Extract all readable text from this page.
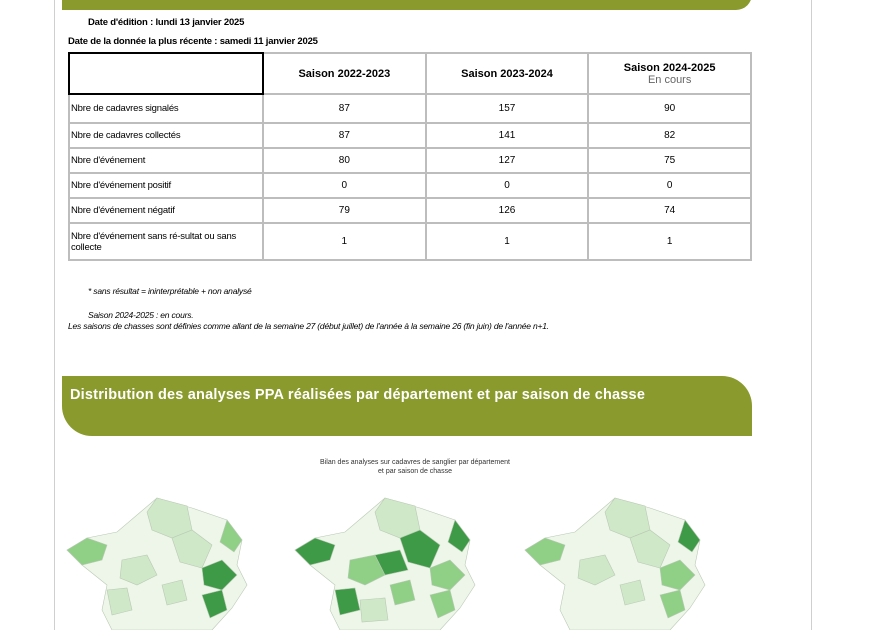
Date d'édition : lundi 13 janvier 2025
Date de la donnée la plus récente : samedi 11 janvier 2025
	Saison 2022-2023	Saison 2023-2024	Saison 2024-2025
En cours

Nbre de cadavres signalés	87	157	90
Nbre de cadavres collectés	87	141	82
Nbre d'événement	80	127	75
Nbre d'événement positif	0	0	0
Nbre d'événement négatif	79	126	74
Nbre d'événement sans ré-sultat ou sans collecte	1	1	1
* sans résultat = ininterprétable + non analysé
Saison 2024-2025 : en cours.
Les saisons de chasses sont définies comme allant de la semaine 27 (début juillet) de l'année à la semaine 26 (fin juin) de l'année n+1.
Distribution des analyses PPA réalisées par département et par saison de chasse
Bilan des analyses sur cadavres de sanglier par département
et par saison de chasse
